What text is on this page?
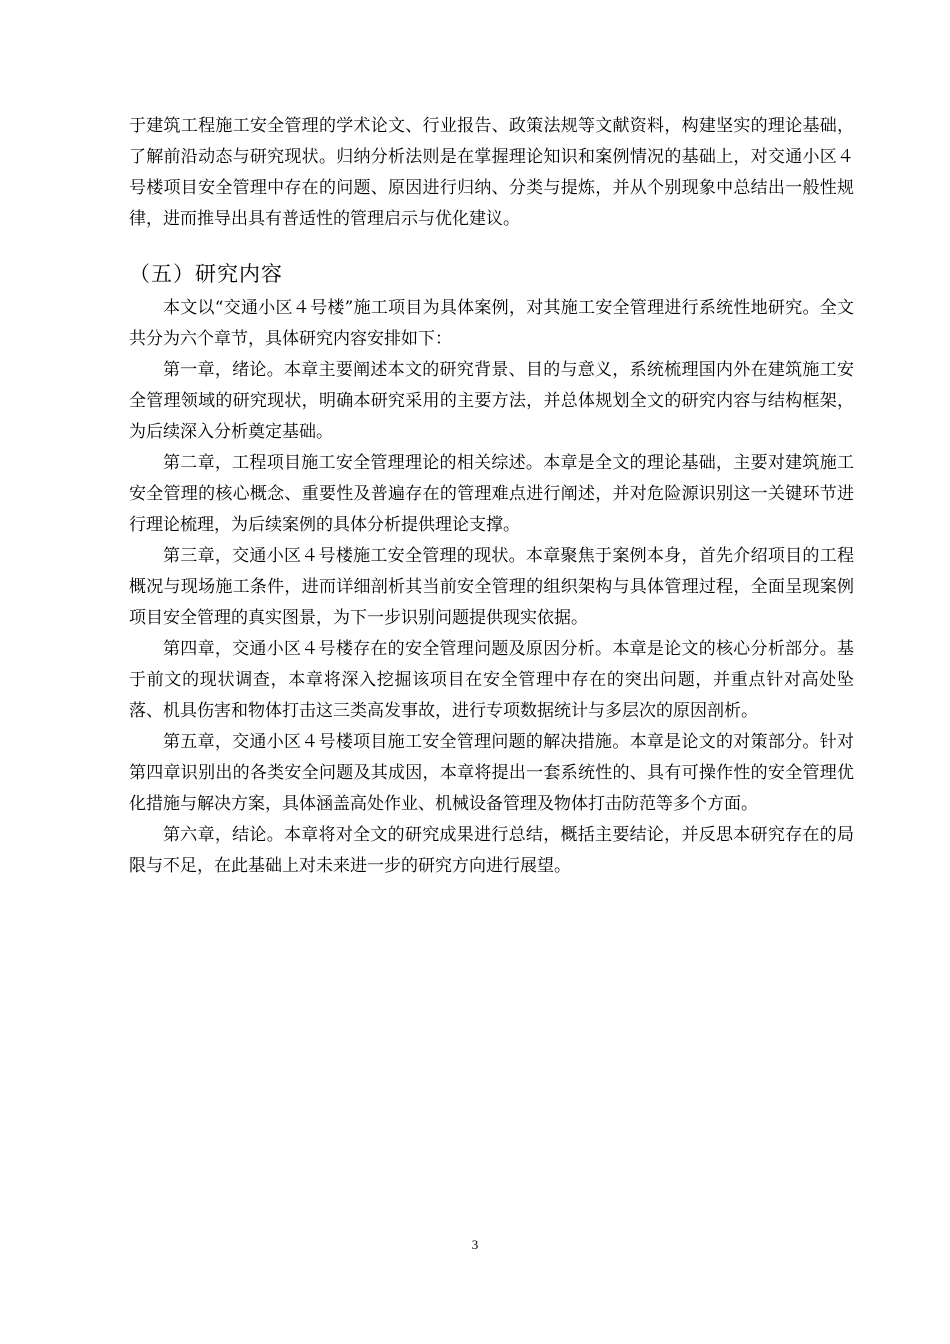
于建筑工程施工安全管理的学术论文、行业报告、政策法规等文献资料，构建坚实的理论基础，了解前沿动态与研究现状。归纳分析法则是在掌握理论知识和案例情况的基础上，对交通小区４号楼项目安全管理中存在的问题、原因进行归纳、分类与提炼，并从个别现象中总结出一般性规律，进而推导出具有普适性的管理启示与优化建议。

（五）研究内容

本文以“交通小区４号楼”施工项目为具体案例，对其施工安全管理进行系统性地研究。全文共分为六个章节，具体研究内容安排如下：

第一章，绪论。本章主要阐述本文的研究背景、目的与意义，系统梳理国内外在建筑施工安全管理领域的研究现状，明确本研究采用的主要方法，并总体规划全文的研究内容与结构框架，为后续深入分析奠定基础。

第二章，工程项目施工安全管理理论的相关综述。本章是全文的理论基础，主要对建筑施工安全管理的核心概念、重要性及普遍存在的管理难点进行阐述，并对危险源识别这一关键环节进行理论梳理，为后续案例的具体分析提供理论支撑。

第三章，交通小区４号楼施工安全管理的现状。本章聚焦于案例本身，首先介绍项目的工程概况与现场施工条件，进而详细剖析其当前安全管理的组织架构与具体管理过程，全面呈现案例项目安全管理的真实图景，为下一步识别问题提供现实依据。

第四章，交通小区４号楼存在的安全管理问题及原因分析。本章是论文的核心分析部分。基于前文的现状调查，本章将深入挖掘该项目在安全管理中存在的突出问题，并重点针对高处坠落、机具伤害和物体打击这三类高发事故，进行专项数据统计与多层次的原因剖析。

第五章，交通小区４号楼项目施工安全管理问题的解决措施。本章是论文的对策部分。针对第四章识别出的各类安全问题及其成因，本章将提出一套系统性的、具有可操作性的安全管理优化措施与解决方案，具体涵盖高处作业、机械设备管理及物体打击防范等多个方面。

第六章，结论。本章将对全文的研究成果进行总结，概括主要结论，并反思本研究存在的局限与不足，在此基础上对未来进一步的研究方向进行展望。

3
